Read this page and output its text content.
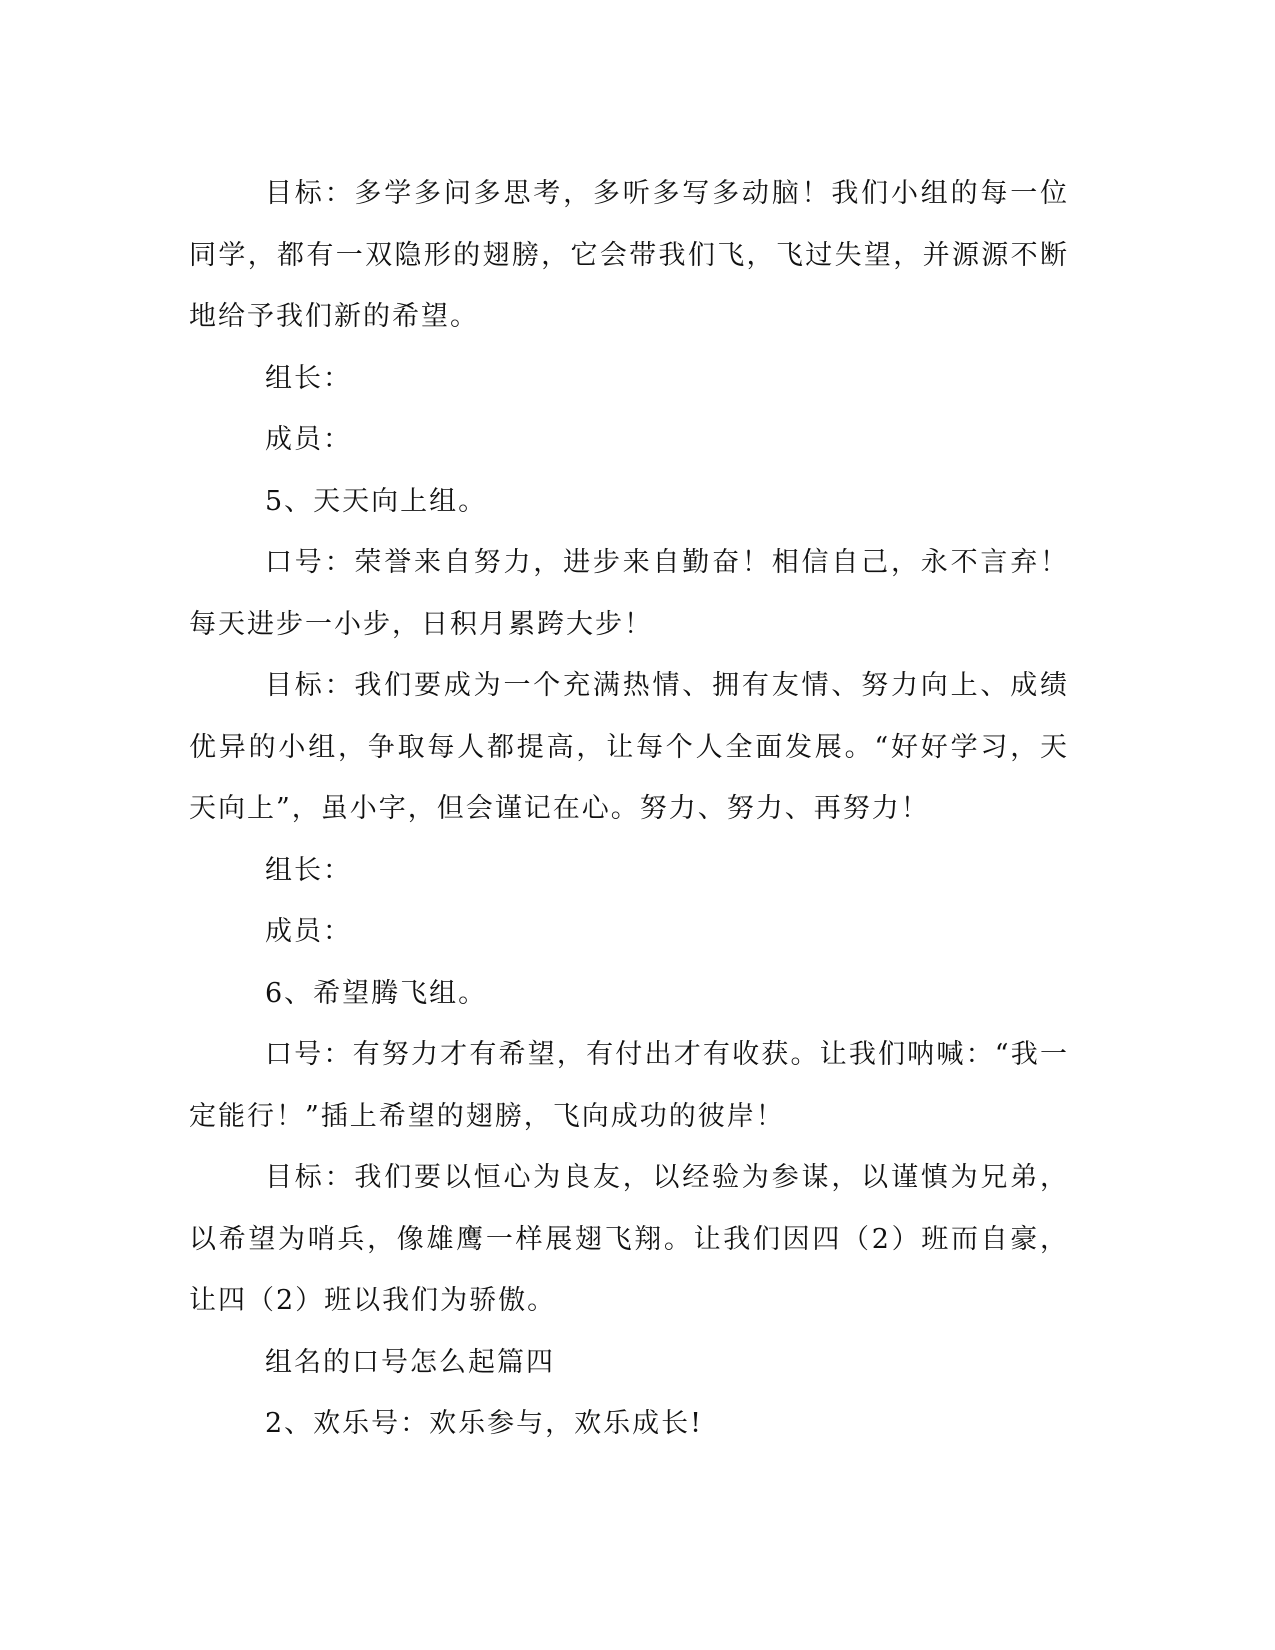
目标：多学多问多思考，多听多写多动脑！我们小组的每一位同学，都有一双隐形的翅膀，它会带我们飞，飞过失望，并源源不断地给予我们新的希望。

组长：

成员：

5、天天向上组。

口号：荣誉来自努力，进步来自勤奋！相信自己，永不言弃！每天进步一小步，日积月累跨大步！

目标：我们要成为一个充满热情、拥有友情、努力向上、成绩优异的小组，争取每人都提高，让每个人全面发展。“好好学习，天天向上”，虽小字，但会谨记在心。努力、努力、再努力！

组长：

成员：

6、希望腾飞组。

口号：有努力才有希望，有付出才有收获。让我们呐喊：“我一定能行！”插上希望的翅膀，飞向成功的彼岸！

目标：我们要以恒心为良友，以经验为参谋，以谨慎为兄弟，以希望为哨兵，像雄鹰一样展翅飞翔。让我们因四（2）班而自豪，让四（2）班以我们为骄傲。

组名的口号怎么起篇四

2、欢乐号：欢乐参与，欢乐成长!
